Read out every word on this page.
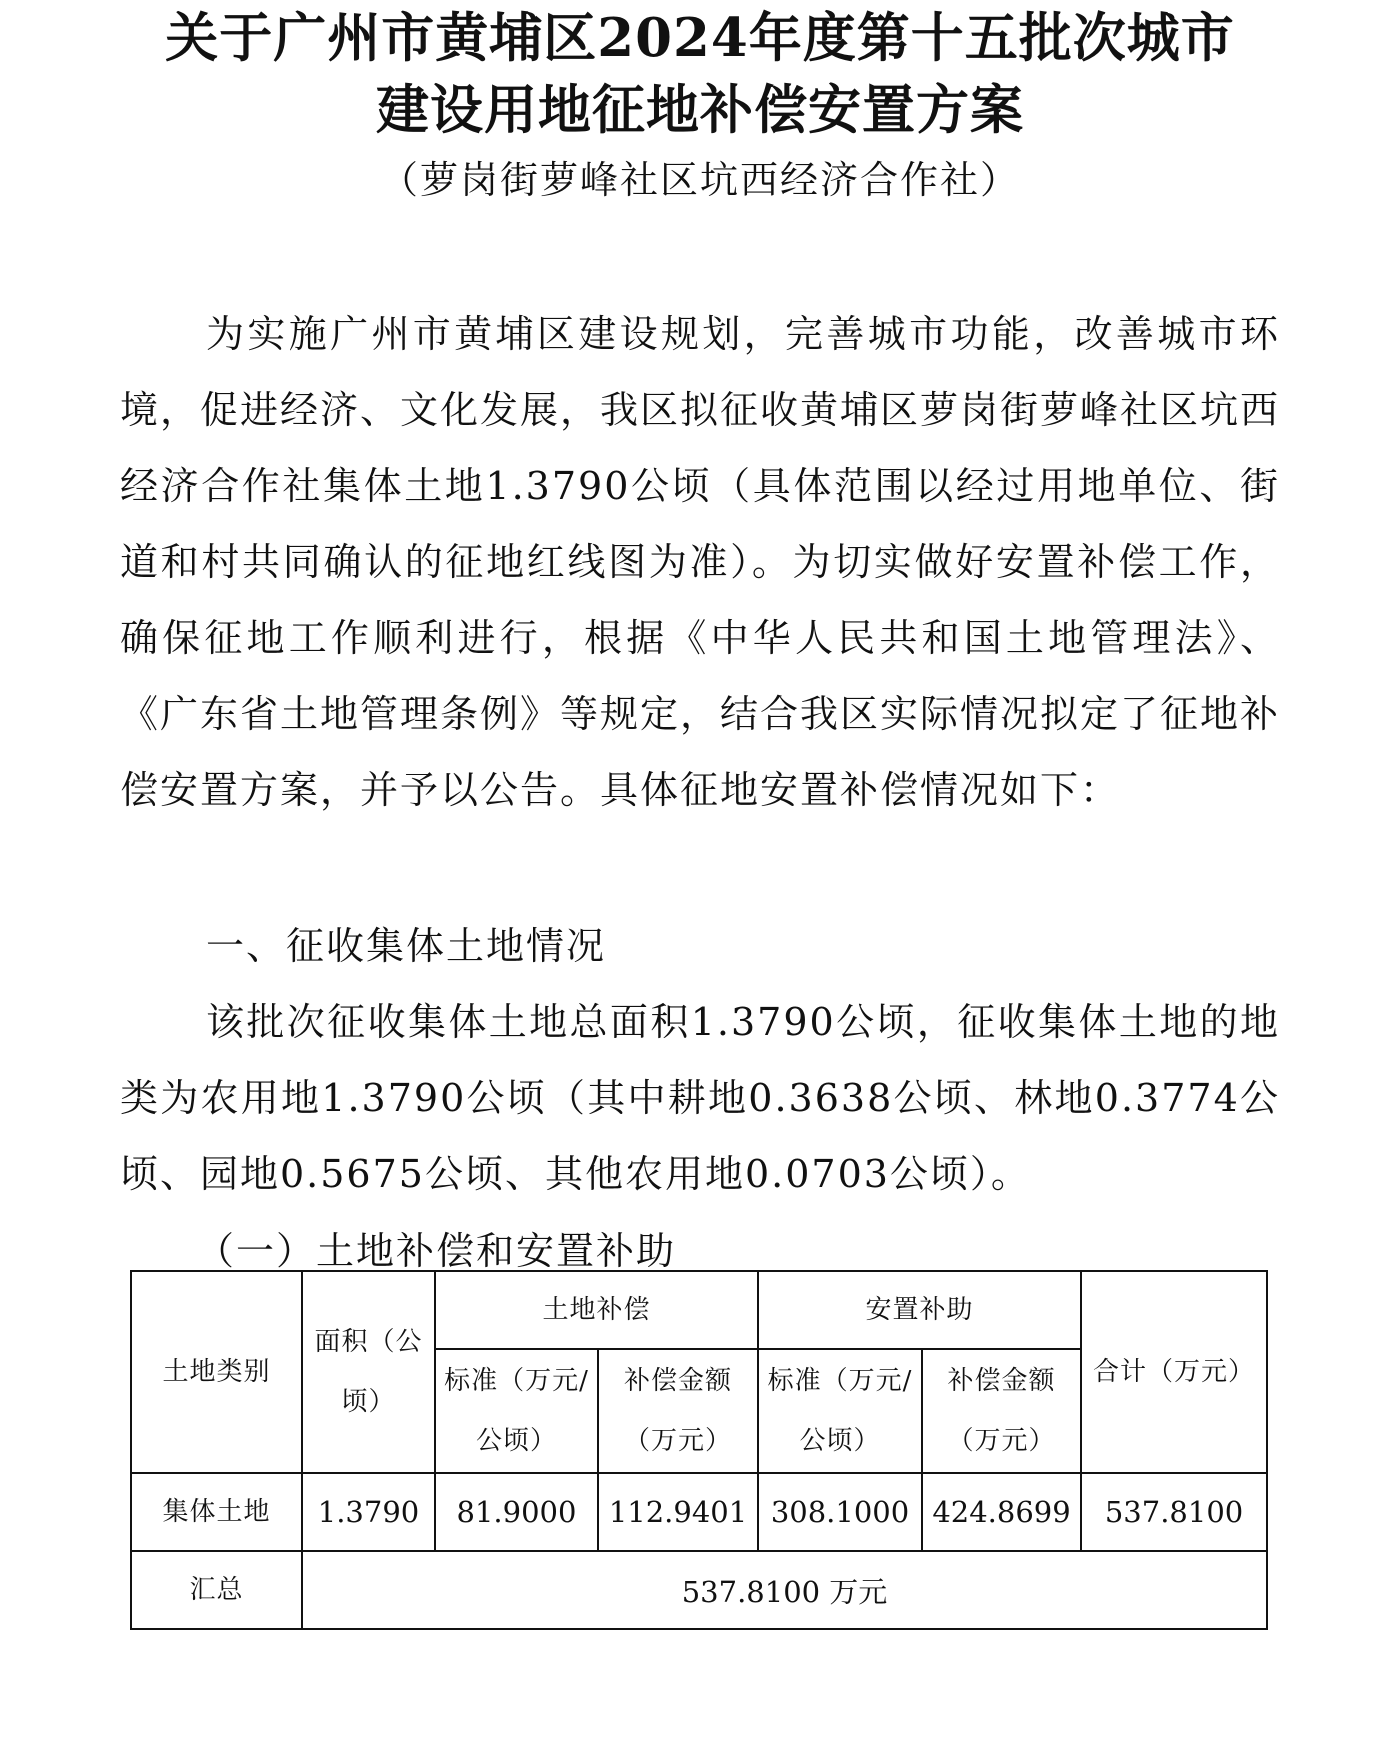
关于广州市黄埔区2024年度第十五批次城市
建设用地征地补偿安置方案

（萝岗街萝峰社区坑西经济合作社）

为实施广州市黄埔区建设规划，完善城市功能，改善城市环境，促进经济、文化发展，我区拟征收黄埔区萝岗街萝峰社区坑西经济合作社集体土地1.3790公顷（具体范围以经过用地单位、街道和村共同确认的征地红线图为准）。为切实做好安置补偿工作，确保征地工作顺利进行，根据《中华人民共和国土地管理法》、《广东省土地管理条例》等规定，结合我区实际情况拟定了征地补偿安置方案，并予以公告。具体征地安置补偿情况如下：

一、征收集体土地情况

该批次征收集体土地总面积1.3790公顷，征收集体土地的地类为农用地1.3790公顷（其中耕地0.3638公顷、林地0.3774公顷、园地0.5675公顷、其他农用地0.0703公顷）。

（一）土地补偿和安置补助

土地类别	面积（公顷）	土地补偿		安置补助		合计（万元）
		标准（万元/公顷）	补偿金额（万元）	标准（万元/公顷）	补偿金额（万元）	
集体土地	1.3790	81.9000	112.9401	308.1000	424.8699	537.8100
汇总	537.8100 万元					
